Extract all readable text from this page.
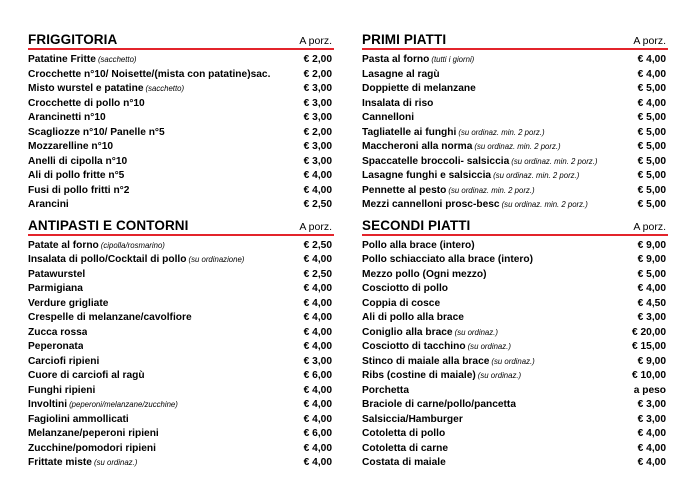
FRIGGITORIA	A porz.
Patatine Fritte (sacchetto)	€ 2,00
Crocchette n°10/ Noisette/(mista con patatine)sac.	€ 2,00
Misto wurstel e patatine (sacchetto)	€ 3,00
Crocchette di pollo n°10	€ 3,00
Arancinetti n°10	€ 3,00
Scagliozze n°10/ Panelle n°5	€ 2,00
Mozzarelline n°10	€ 3,00
Anelli di cipolla n°10	€ 3,00
Ali di pollo fritte n°5	€ 4,00
Fusi di pollo fritti n°2	€ 4,00
Arancini	€ 2,50
ANTIPASTI E CONTORNI	A porz.
Patate al forno (cipolla/rosmarino)	€ 2,50
Insalata di pollo/Cocktail di pollo (su ordinazione)	€ 4,00
Patawurstel	€ 2,50
Parmigiana	€ 4,00
Verdure grigliate	€ 4,00
Crespelle di melanzane/cavolfiore	€ 4,00
Zucca rossa	€ 4,00
Peperonata	€ 4,00
Carciofi ripieni	€ 3,00
Cuore di carciofi al ragù	€ 6,00
Funghi ripieni	€ 4,00
Involtini (peperoni/melanzane/zucchine)	€ 4,00
Fagiolini ammollicati	€ 4,00
Melanzane/peperoni ripieni	€ 6,00
Zucchine/pomodori ripieni	€ 4,00
Frittate miste (su ordinaz.)	€ 4,00
PRIMI PIATTI	A porz.
Pasta al forno (tutti i giorni)	€ 4,00
Lasagne al ragù	€ 4,00
Doppiette di melanzane	€ 5,00
Insalata di riso	€ 4,00
Cannelloni	€ 5,00
Tagliatelle ai funghi (su ordinaz. min. 2 porz.)	€ 5,00
Maccheroni alla norma (su ordinaz. min. 2 porz.)	€ 5,00
Spaccatelle broccoli- salsiccia (su ordinaz. min. 2 porz.)	€ 5,00
Lasagne funghi e salsiccia (su ordinaz. min. 2 porz.)	€ 5,00
Pennette al pesto (su ordinaz. min. 2 porz.)	€ 5,00
Mezzi cannelloni prosc-besc (su ordinaz. min. 2 porz.)	€ 5,00
SECONDI PIATTI	A porz.
Pollo alla brace (intero)	€ 9,00
Pollo schiacciato alla brace (intero)	€ 9,00
Mezzo pollo (Ogni mezzo)	€ 5,00
Cosciotto di pollo	€ 4,00
Coppia di cosce	€ 4,50
Ali di pollo alla brace	€ 3,00
Coniglio alla brace (su ordinaz.)	€ 20,00
Cosciotto di tacchino (su ordinaz.)	€ 15,00
Stinco di maiale alla brace (su ordinaz.)	€ 9,00
Ribs (costine di maiale) (su ordinaz.)	€ 10,00
Porchetta	a peso
Braciole di carne/pollo/pancetta	€ 3,00
Salsiccia/Hamburger	€ 3,00
Cotoletta di pollo	€ 4,00
Cotoletta di carne	€ 4,00
Costata di maiale	€ 4,00
